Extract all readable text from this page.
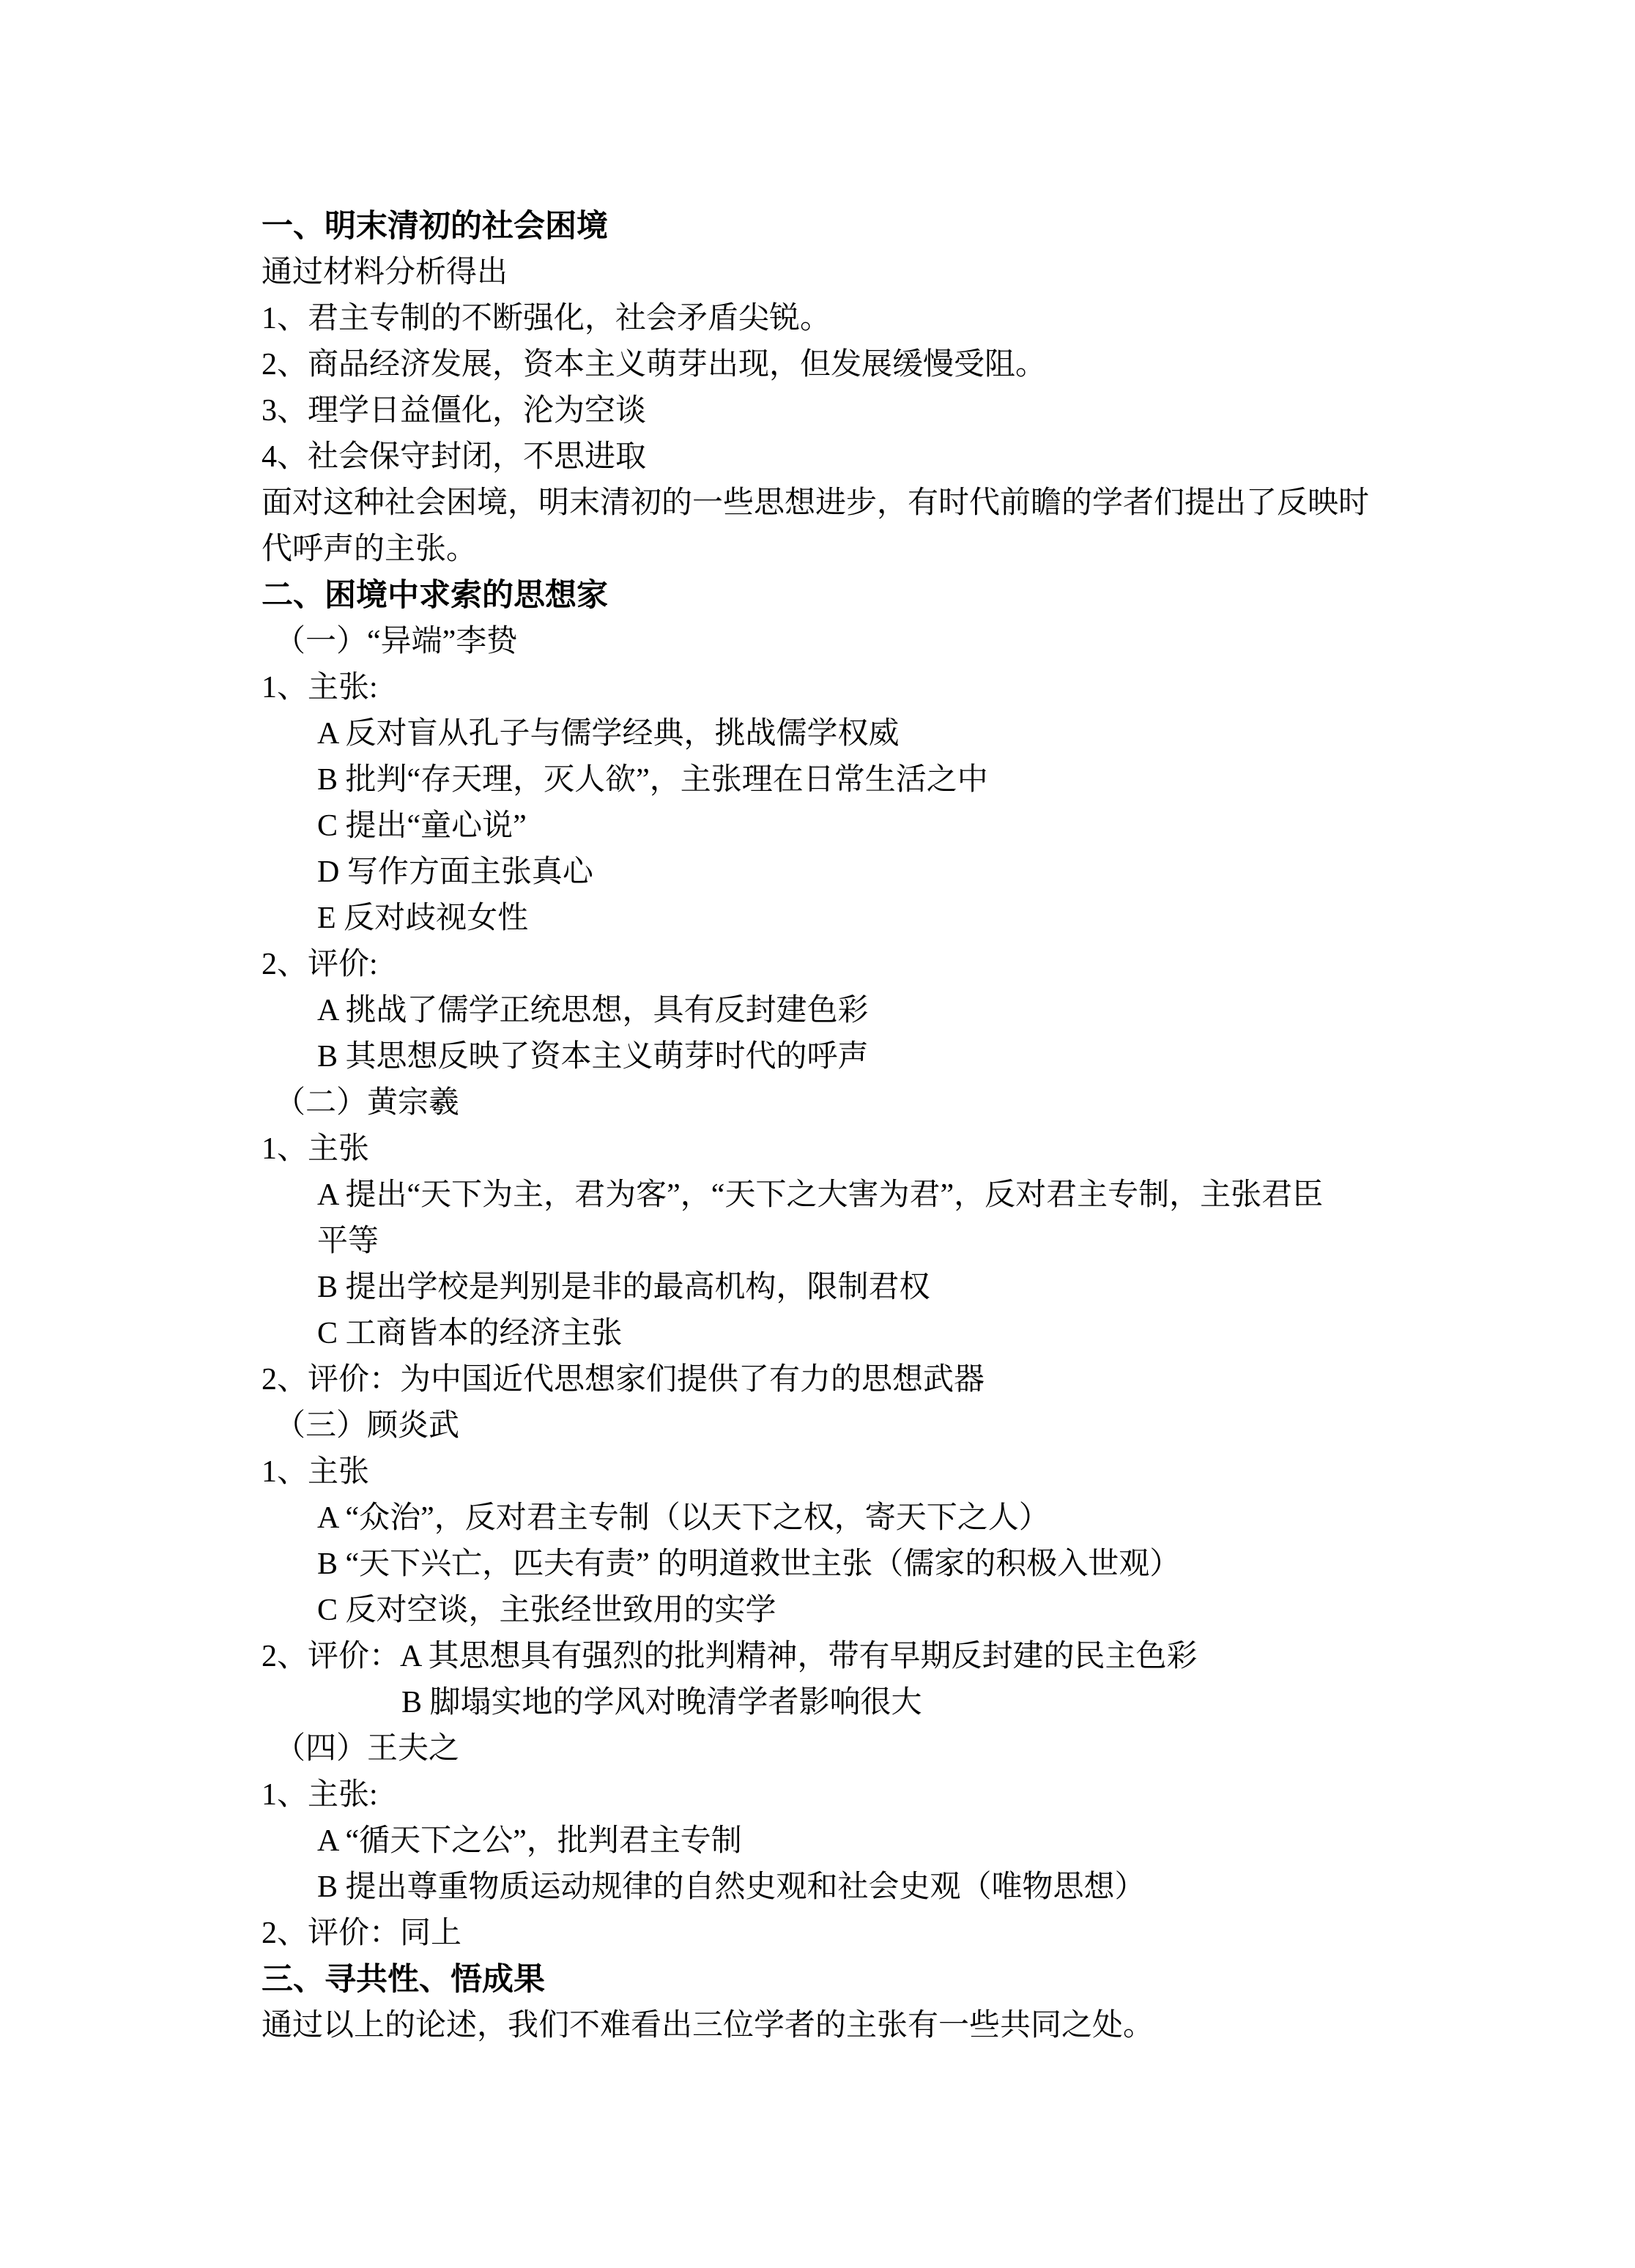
一、明末清初的社会困境
通过材料分析得出
1、君主专制的不断强化，社会矛盾尖锐。
2、商品经济发展，资本主义萌芽出现，但发展缓慢受阻。
3、理学日益僵化，沦为空谈
4、社会保守封闭，不思进取
面对这种社会困境，明末清初的一些思想进步，有时代前瞻的学者们提出了反映时
代呼声的主张。
二、困境中求索的思想家
（一）“异端”李贽
1、主张:
A 反对盲从孔子与儒学经典，挑战儒学权威
B 批判“存天理，灭人欲”，主张理在日常生活之中
C 提出“童心说”
D 写作方面主张真心
E 反对歧视女性
2、评价:
A 挑战了儒学正统思想，具有反封建色彩
B 其思想反映了资本主义萌芽时代的呼声
（二）黄宗羲
1、主张
A 提出“天下为主，君为客”，“天下之大害为君”，反对君主专制，主张君臣
平等
B 提出学校是判别是非的最高机构，限制君权
C 工商皆本的经济主张
2、评价：为中国近代思想家们提供了有力的思想武器
（三）顾炎武
1、主张
A “众治”，反对君主专制（以天下之权，寄天下之人）
B “天下兴亡，匹夫有责” 的明道救世主张（儒家的积极入世观）
C 反对空谈，主张经世致用的实学
2、评价：A 其思想具有强烈的批判精神，带有早期反封建的民主色彩
B 脚塌实地的学风对晚清学者影响很大
（四）王夫之
1、主张:
A “循天下之公”，批判君主专制
B 提出尊重物质运动规律的自然史观和社会史观（唯物思想）
2、评价：同上
三、寻共性、悟成果
通过以上的论述，我们不难看出三位学者的主张有一些共同之处。
